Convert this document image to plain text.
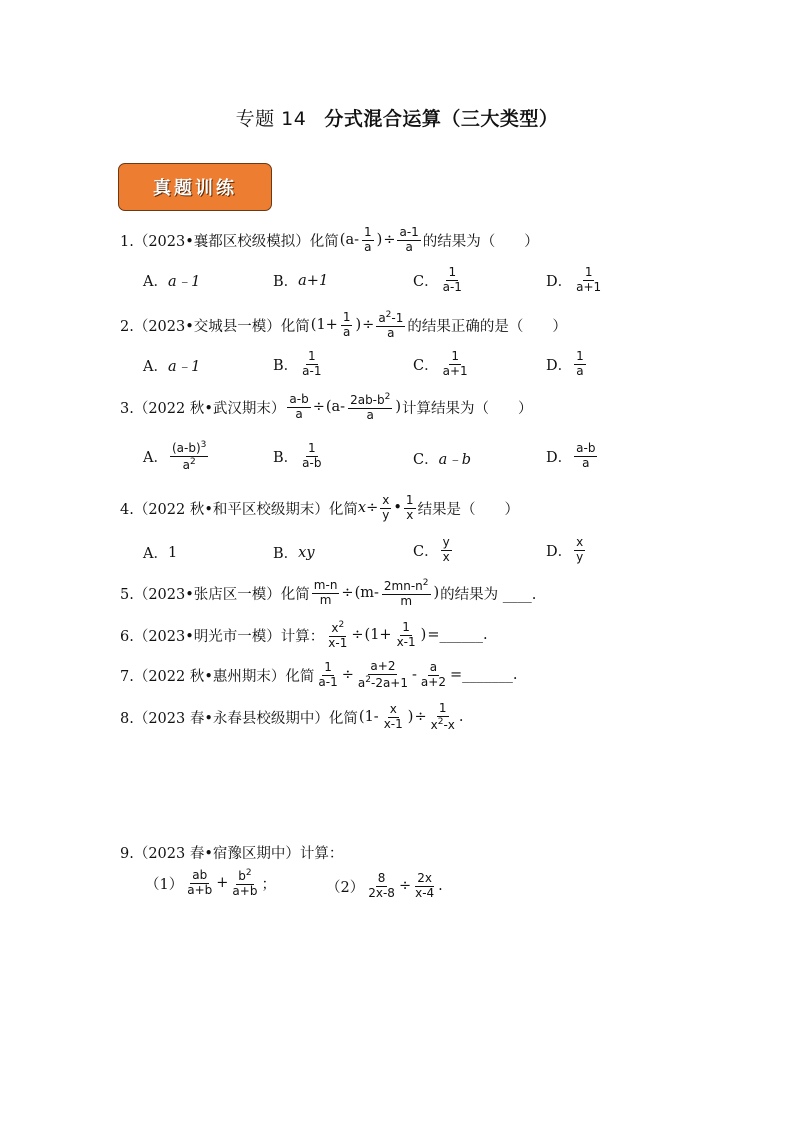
专题 14 分式混合运算（三大类型）
真题训练
1.（2023•襄都区校级模拟）化简 ($a- \frac{1}{a}$ ) ÷ $\frac{a-1}{a}$ 的结果为（　　）
A． a﹣1	B． a+1	C． $\frac{1}{a-1}$	D． $\frac{1}{a+1}$
2.（2023•交城县一模）化简 ($1+ \frac{1}{a}$ ) ÷ $\frac{a^2-1}{a}$ 的结果正确的是（　　）
A． a﹣1	B． $\frac{1}{a-1}$	C． $\frac{1}{a+1}$	D． $\frac{1}{a}$
3.（2022 秋•武汉期末） $\frac{a-b}{a} \div (a- \frac{2ab-b^2}{a}$ ) 计算结果为（　　）
A． $\frac{(a-b)^3}{a^2}$	B． $\frac{1}{a-b}$	C． a﹣b	D． $\frac{a-b}{a}$
4.（2022 秋•和平区校级期末）化简 $x \div \frac{x}{y}$ • $\frac{1}{x}$ 结果是（　　）
A． 1	B． xy	C． $\frac{y}{x}$	D． $\frac{x}{y}$
5.（2023•张店区一模）化简 $\frac{m-n}{m} \div (m- \frac{2mn-n^2}{m}$ ) 的结果为 ____.
6.（2023•明光市一模）计算： $\frac{x^2}{x-1} \div (1+ \frac{1}{x-1}$ ) =______.
7.（2022 秋•惠州期末）化简 $\frac{1}{a-1} \div \frac{a+2}{a^2-2a+1} - \frac{a}{a+2}$ =_______.
8.（2023 春•永春县校级期中）化简 ($1- \frac{x}{x-1}$ ) ÷ $\frac{1}{x^2-x}$ .
9.（2023 春•宿豫区期中）计算：
$(1) \frac{ab}{a+b} + \frac{b^2}{a+b}$ ；	$(2) \frac{8}{2x-8} \div \frac{2x}{x-4}$ .
